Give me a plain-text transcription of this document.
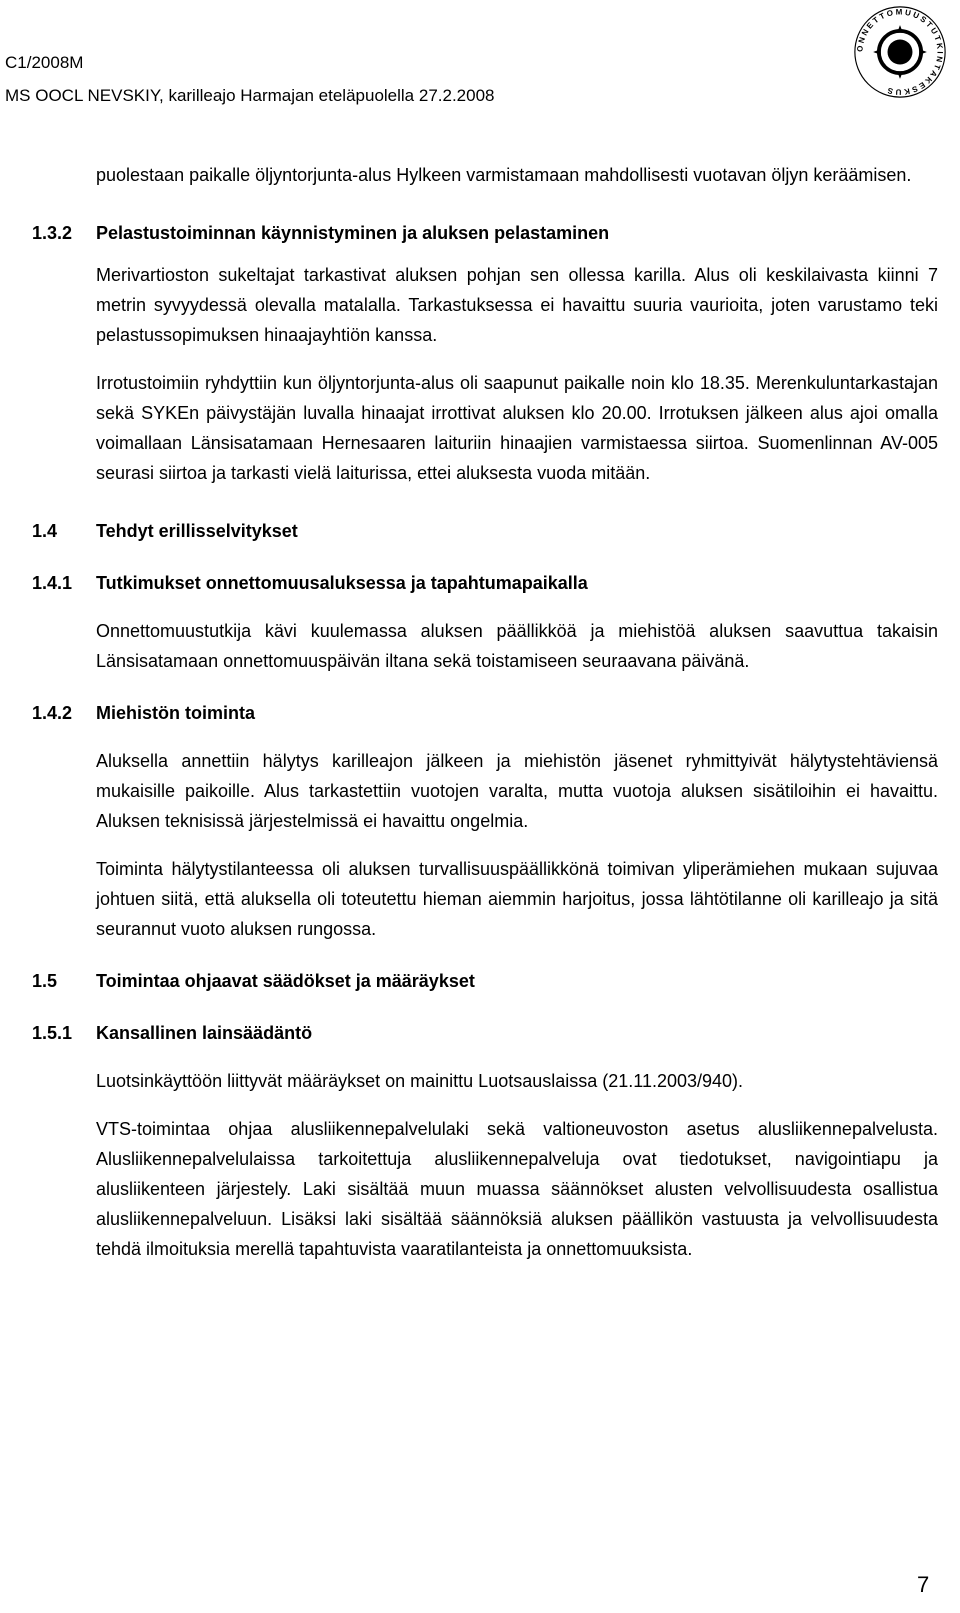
C1/2008M
MS OOCL NEVSKIY, karilleajo Harmajan eteläpuolella 27.2.2008
O N N E T T O M U U S T U T K I N T A K E S K U S

puolestaan paikalle öljyntorjunta-alus Hylkeen varmistamaan mahdollisesti vuotavan öljyn keräämisen.

1.3.2	Pelastustoiminnan käynnistyminen ja aluksen pelastaminen

Merivartioston sukeltajat tarkastivat aluksen pohjan sen ollessa karilla. Alus oli keskilaivasta kiinni 7 metrin syvyydessä olevalla matalalla. Tarkastuksessa ei havaittu suuria vaurioita, joten varustamo teki pelastussopimuksen hinaajayhtiön kanssa.

Irrotustoimiin ryhdyttiin kun öljyntorjunta-alus oli saapunut paikalle noin klo 18.35. Merenkuluntarkastajan sekä SYKEn päivystäjän luvalla hinaajat irrottivat aluksen klo 20.00. Irrotuksen jälkeen alus ajoi omalla voimallaan Länsisatamaan Hernesaaren laituriin hinaajien varmistaessa siirtoa. Suomenlinnan AV-005 seurasi siirtoa ja tarkasti vielä laiturissa, ettei aluksesta vuoda mitään.

1.4	Tehdyt erillisselvitykset
1.4.1	Tutkimukset onnettomuusaluksessa ja tapahtumapaikalla

Onnettomuustutkija kävi kuulemassa aluksen päällikköä ja miehistöä aluksen saavuttua takaisin Länsisatamaan onnettomuuspäivän iltana sekä toistamiseen seuraavana päivänä.

1.4.2	Miehistön toiminta

Aluksella annettiin hälytys karilleajon jälkeen ja miehistön jäsenet ryhmittyivät hälytystehtäviensä mukaisille paikoille. Alus tarkastettiin vuotojen varalta, mutta vuotoja aluksen sisätiloihin ei havaittu. Aluksen teknisissä järjestelmissä ei havaittu ongelmia.

Toiminta hälytystilanteessa oli aluksen turvallisuuspäällikkönä toimivan yliperämiehen mukaan sujuvaa johtuen siitä, että aluksella oli toteutettu hieman aiemmin harjoitus, jossa lähtötilanne oli karilleajo ja sitä seurannut vuoto aluksen rungossa.

1.5	Toimintaa ohjaavat säädökset ja määräykset
1.5.1	Kansallinen lainsäädäntö

Luotsinkäyttöön liittyvät määräykset on mainittu Luotsauslaissa (21.11.2003/940).

VTS-toimintaa ohjaa alusliikennepalvelulaki sekä valtioneuvoston asetus alusliikennepalvelusta. Alusliikennepalvelulaissa tarkoitettuja alusliikennepalveluja ovat tiedotukset, navigointiapu ja alusliikenteen järjestely. Laki sisältää muun muassa säännökset alusten velvollisuudesta osallistua alusliikennepalveluun. Lisäksi laki sisältää säännöksiä aluksen päällikön vastuusta ja velvollisuudesta tehdä ilmoituksia merellä tapahtuvista vaaratilanteista ja onnettomuuksista.

7
